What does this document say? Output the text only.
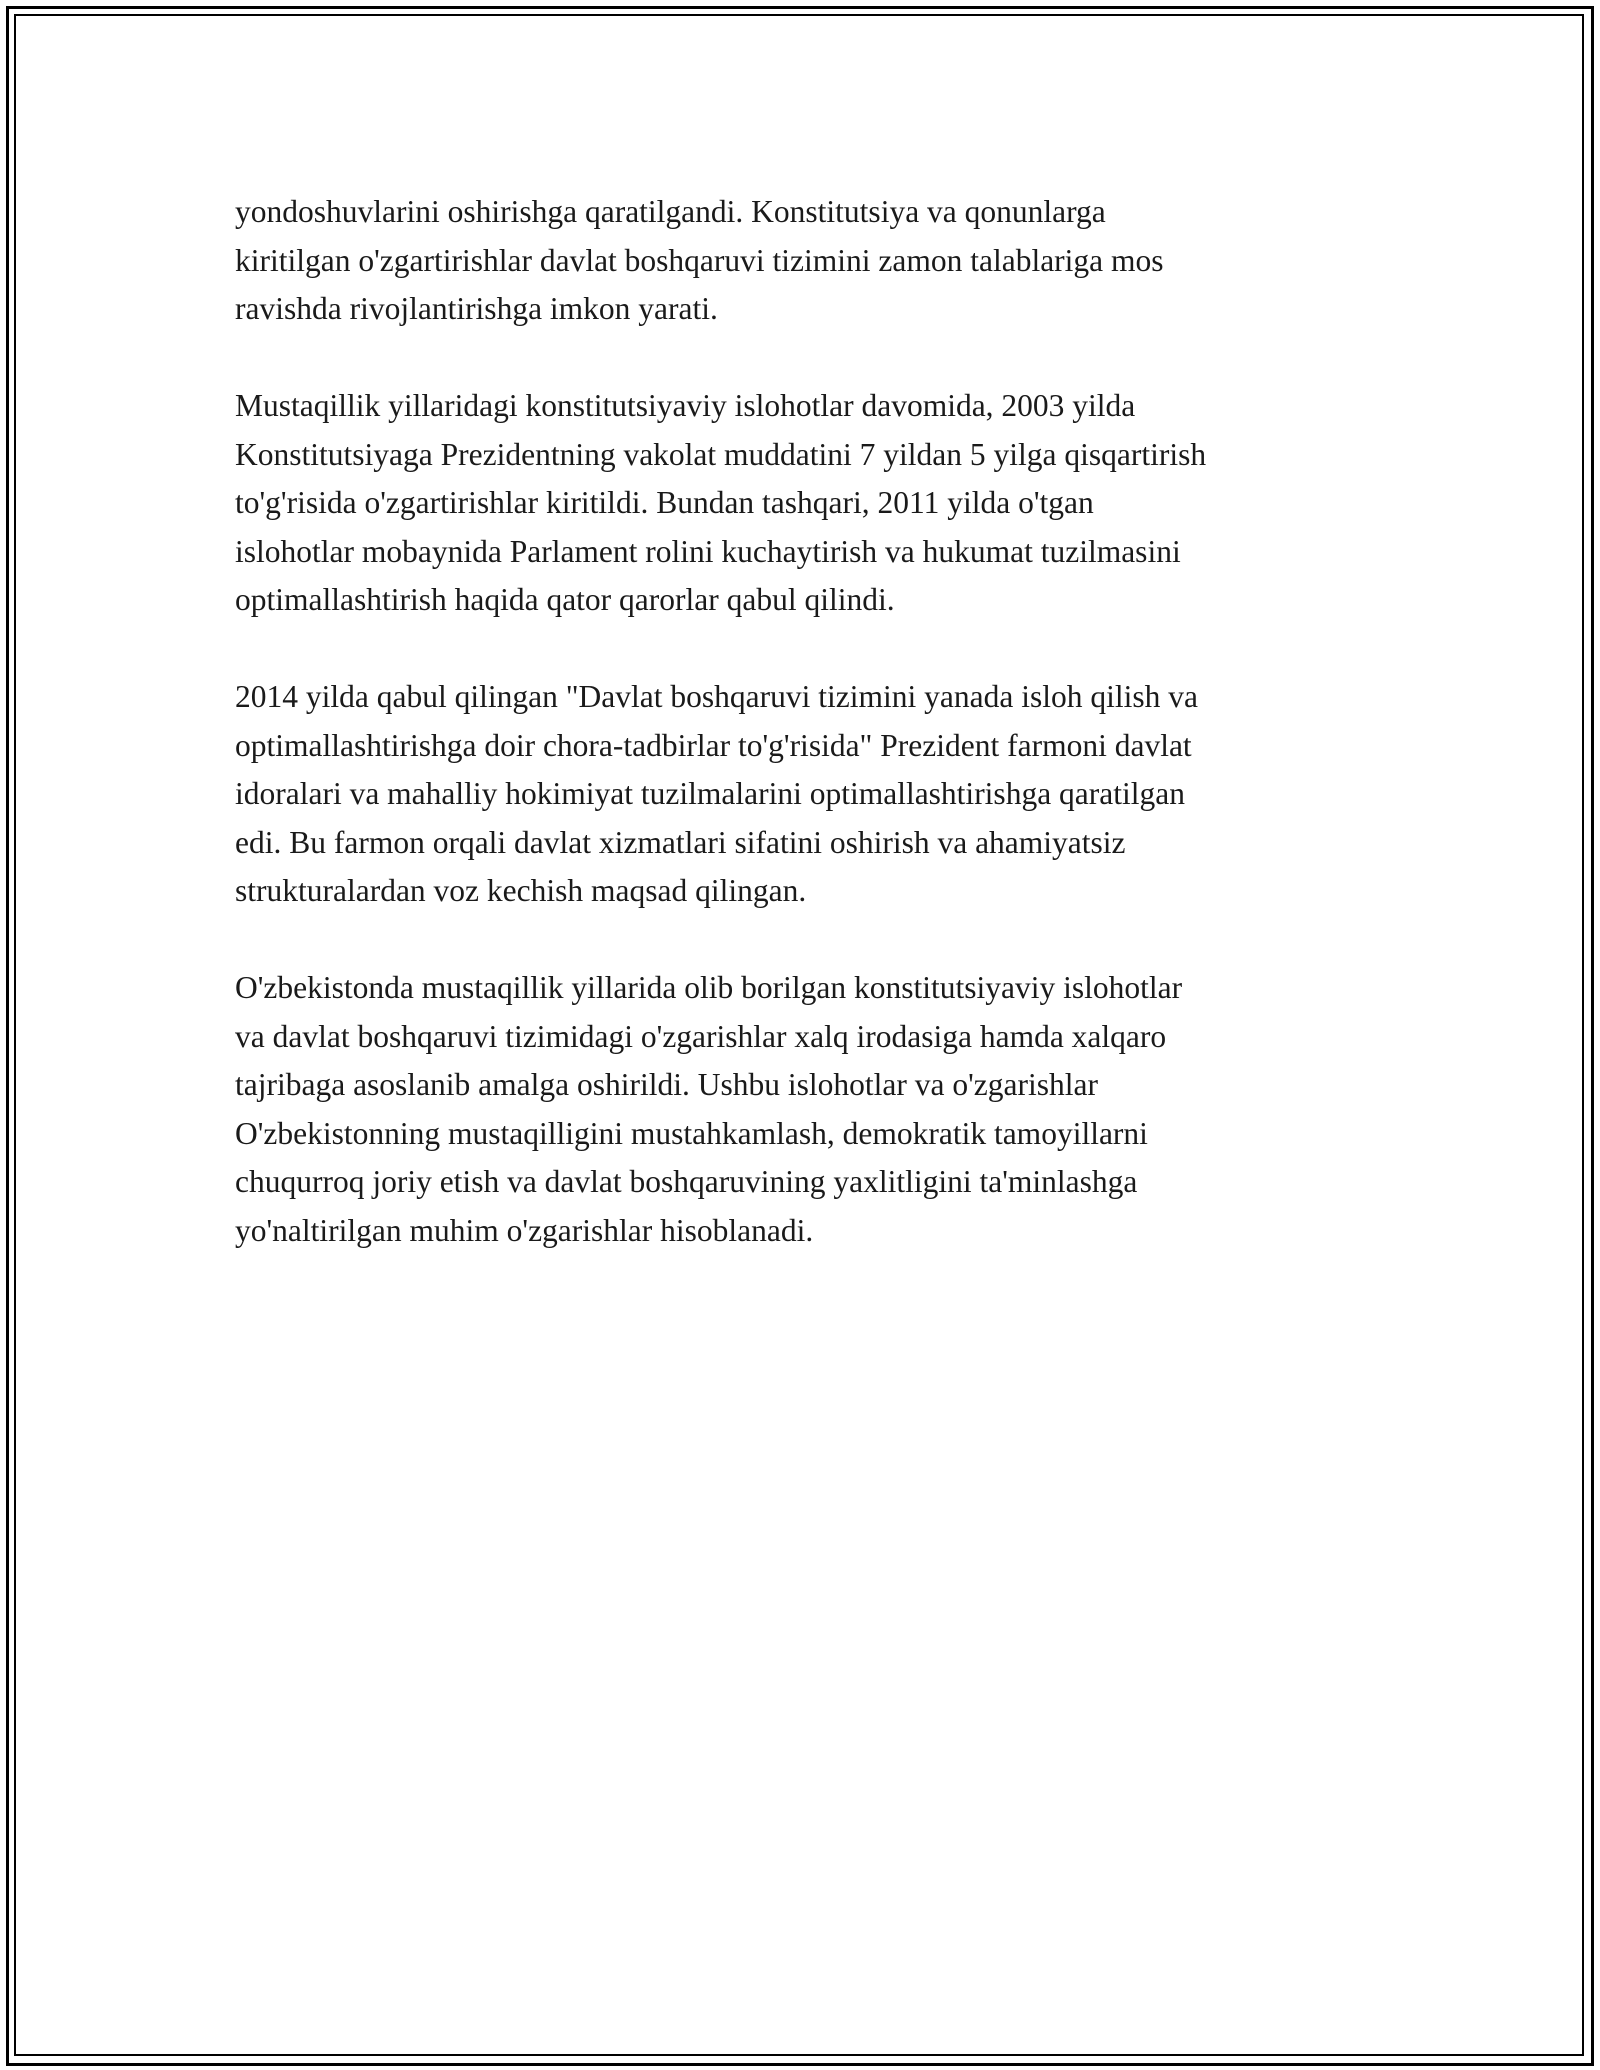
yondoshuvlarini oshirishga qaratilgandi. Konstitutsiya va qonunlarga
kiritilgan o'zgartirishlar davlat boshqaruvi tizimini zamon talablariga mos
ravishda rivojlantirishga imkon yarati.

Mustaqillik yillaridagi konstitutsiyaviy islohotlar davomida, 2003 yilda
Konstitutsiyaga Prezidentning vakolat muddatini 7 yildan 5 yilga qisqartirish
to'g'risida o'zgartirishlar kiritildi. Bundan tashqari, 2011 yilda o'tgan
islohotlar mobaynida Parlament rolini kuchaytirish va hukumat tuzilmasini
optimallashtirish haqida qator qarorlar qabul qilindi.

2014 yilda qabul qilingan "Davlat boshqaruvi tizimini yanada isloh qilish va
optimallashtirishga doir chora-tadbirlar to'g'risida" Prezident farmoni davlat
idoralari va mahalliy hokimiyat tuzilmalarini optimallashtirishga qaratilgan
edi. Bu farmon orqali davlat xizmatlari sifatini oshirish va ahamiyatsiz
strukturalardan voz kechish maqsad qilingan.

O'zbekistonda mustaqillik yillarida olib borilgan konstitutsiyaviy islohotlar
va davlat boshqaruvi tizimidagi o'zgarishlar xalq irodasiga hamda xalqaro
tajribaga asoslanib amalga oshirildi. Ushbu islohotlar va o'zgarishlar
O'zbekistonning mustaqilligini mustahkamlash, demokratik tamoyillarni
chuqurroq joriy etish va davlat boshqaruvining yaxlitligini ta'minlashga
yo'naltirilgan muhim o'zgarishlar hisoblanadi.
